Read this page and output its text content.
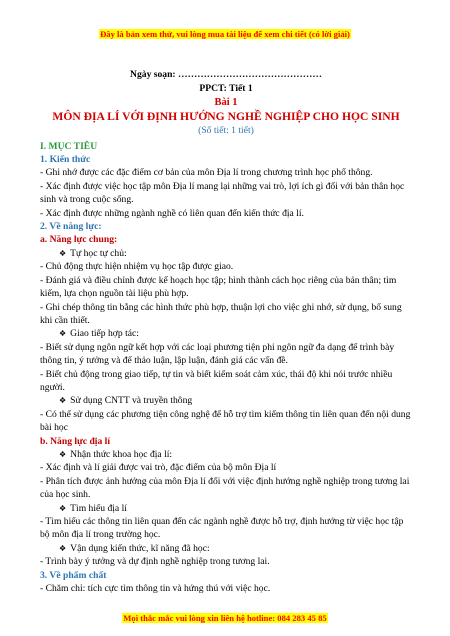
Đây là bản xem thử, vui lòng mua tài liệu để xem chi tiết (có lời giải)
Ngày soạn: ………………………………………
PPCT: Tiết 1
Bài 1
MÔN ĐỊA LÍ VỚI ĐỊNH HƯỚNG NGHỀ NGHIỆP CHO HỌC SINH
(Số tiết: 1 tiết)
I. MỤC TIÊU
1. Kiến thức
- Ghi nhớ được các đặc điểm cơ bản của môn Địa lí trong chương trình học phổ thông.
- Xác định được việc học tập môn Địa lí mang lại những vai trò, lợi ích gì đối với bản thân học sinh và trong cuộc sống.
- Xác định được những ngành nghề có liên quan đến kiến thức địa lí.
2. Về năng lực:
a. Năng lực chung:
❖ Tự học tự chủ:
- Chủ động thực hiện nhiệm vụ học tập được giao.
- Đánh giá và điều chỉnh được kế hoạch học tập; hình thành cách học riêng của bản thân; tìm kiếm, lựa chọn nguồn tài liệu phù hợp.
- Ghi chép thông tin bằng các hình thức phù hợp, thuận lợi cho việc ghi nhớ, sử dụng, bổ sung khi cần thiết.
❖ Giao tiếp hợp tác:
- Biết sử dụng ngôn ngữ kết hợp với các loại phương tiện phi ngôn ngữ đa dạng để trình bày thông tin, ý tưởng và để thảo luận, lập luận, đánh giá các vấn đề.
- Biết chủ động trong giao tiếp, tự tin và biết kiểm soát cảm xúc, thái độ khi nói trước nhiều người.
❖ Sử dụng CNTT và truyền thông
- Có thể sử dụng các phương tiện công nghệ để hỗ trợ tìm kiếm thông tin liên quan đến nội dung bài học
b. Năng lực địa lí
❖ Nhận thức khoa học địa lí:
- Xác định và lí giải được vai trò, đặc điểm của bộ môn Địa lí
- Phân tích được ảnh hưởng của môn Địa lí đối với việc định hướng nghề nghiệp trong tương lai của học sinh.
❖ Tìm hiểu địa lí
- Tìm hiểu các thông tin liên quan đến các ngành nghề được hỗ trợ, định hướng từ việc học tập bộ môn địa lí trong trường học.
❖ Vận dụng kiến thức, kĩ năng đã học:
- Trình bày ý tưởng và dự định nghề nghiệp trong tương lai.
3. Về phẩm chất
- Chăm chỉ: tích cực tìm thông tin và hứng thú với việc học.
Mọi thắc mắc vui lòng xin liên hệ hotline: 084 283 45 85
